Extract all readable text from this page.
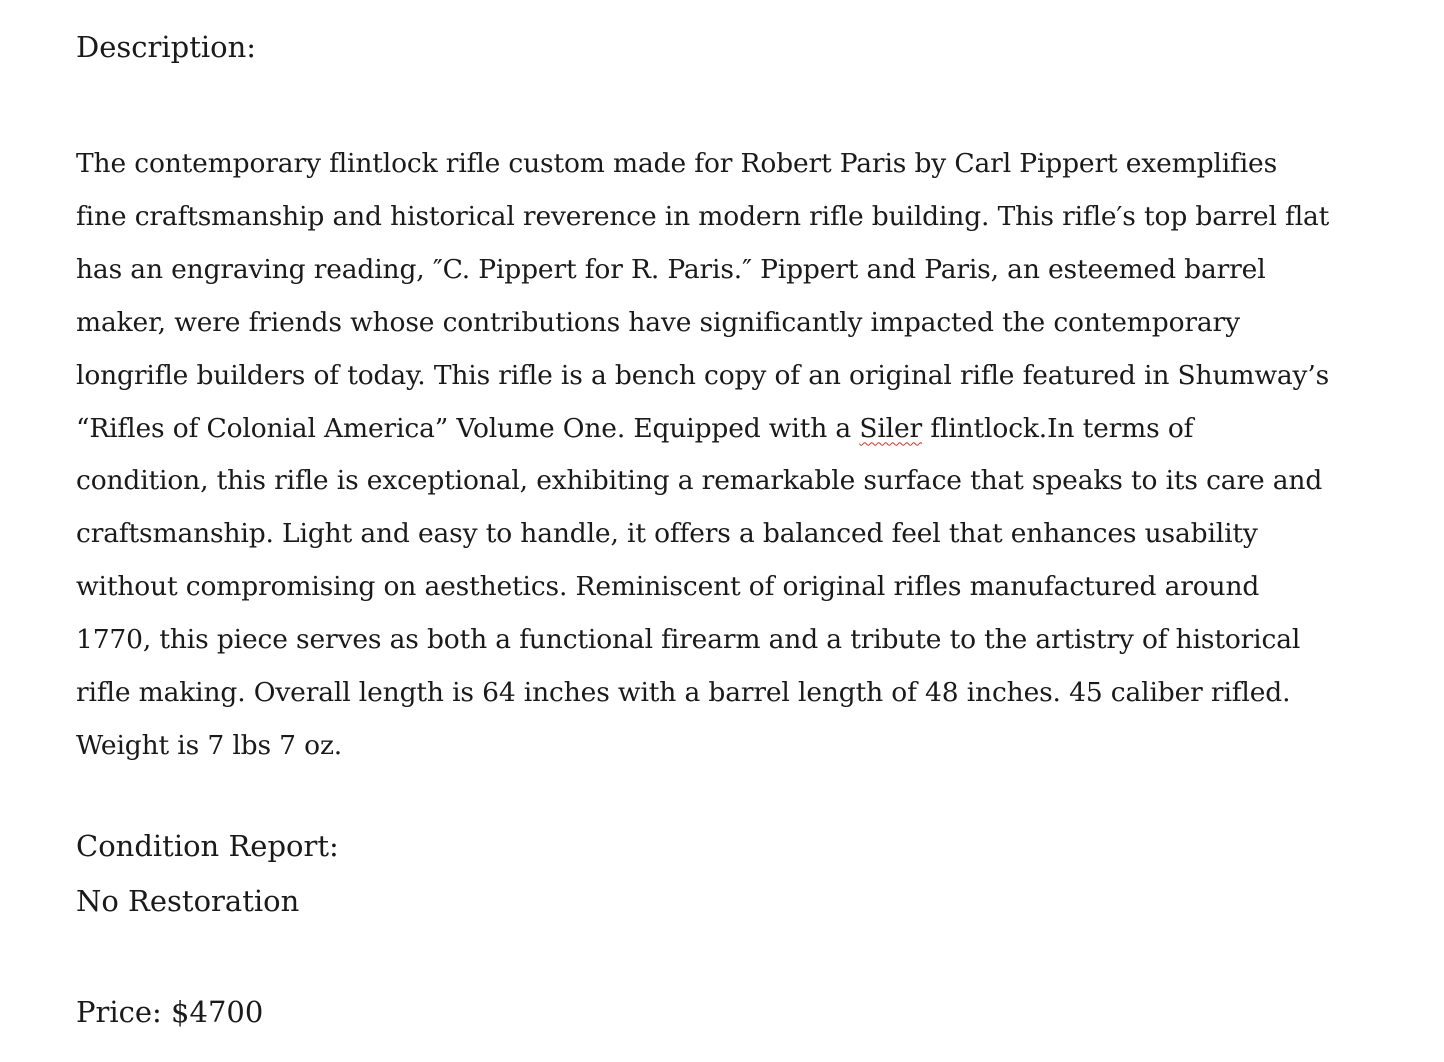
Description:

The contemporary flintlock rifle custom made for Robert Paris by Carl Pippert exemplifies fine craftsmanship and historical reverence in modern rifle building. This rifle′s top barrel flat has an engraving reading, ″C. Pippert for R. Paris.″ Pippert and Paris, an esteemed barrel maker, were friends whose contributions have significantly impacted the contemporary longrifle builders of today. This rifle is a bench copy of an original rifle featured in Shumway’s “Rifles of Colonial America” Volume One. Equipped with a Siler flintlock.In terms of condition, this rifle is exceptional, exhibiting a remarkable surface that speaks to its care and craftsmanship. Light and easy to handle, it offers a balanced feel that enhances usability without compromising on aesthetics. Reminiscent of original rifles manufactured around 1770, this piece serves as both a functional firearm and a tribute to the artistry of historical rifle making. Overall length is 64 inches with a barrel length of 48 inches. 45 caliber rifled. Weight is 7 lbs 7 oz.

Condition Report:

No Restoration

Price: $4700
